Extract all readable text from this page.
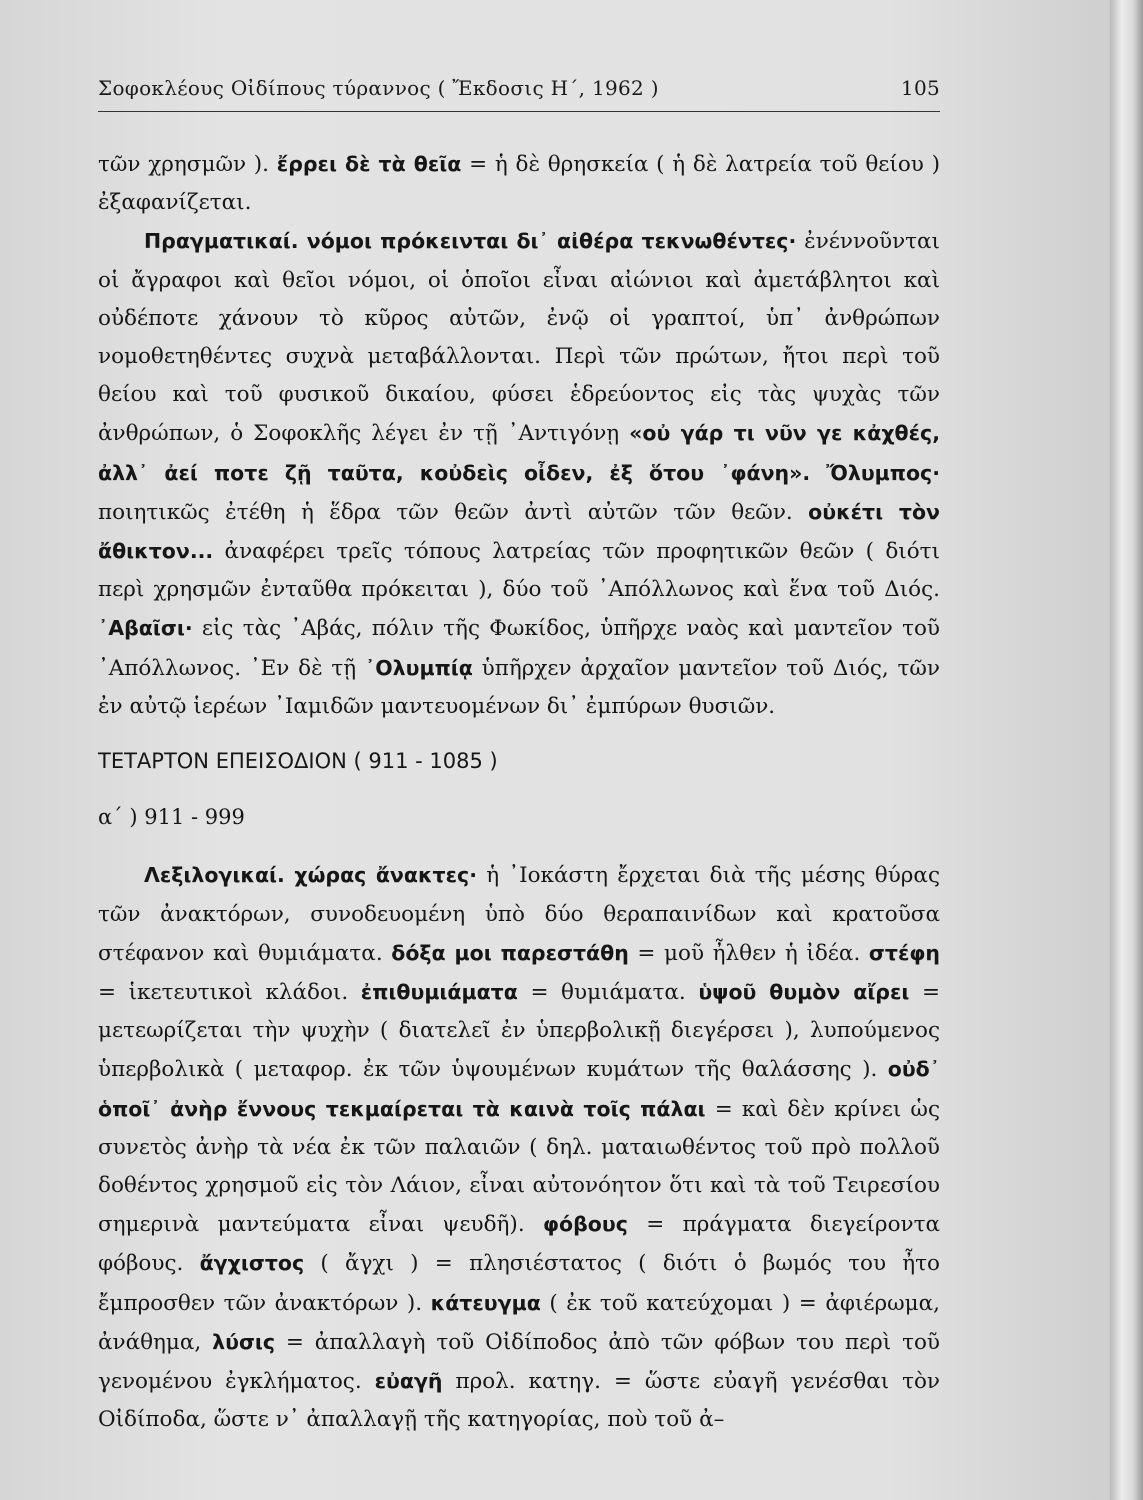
Σοφοκλέους Οἰδίπους τύραννος ( Ἔκδοσις Η΄, 1962 )	105

τῶν χρησμῶν ). ἔρρει δὲ τὰ θεῖα = ἡ δὲ θρησκεία ( ἡ δὲ λατρεία τοῦ θείου ) ἐξαφανίζεται.

Πραγματικαί. νόμοι πρόκεινται δι᾽ αἰθέρα τεκνωθέντες· ἐνέννοῦνται οἱ ἄγραφοι καὶ θεῖοι νόμοι, οἱ ὁποῖοι εἶναι αἰώνιοι καὶ ἀμετάβλητοι καὶ οὐδέποτε χάνουν τὸ κῦρος αὐτῶν, ἐνῷ οἱ γραπτοί, ὑπ᾽ ἀνθρώπων νομοθετηθέντες συχνὰ μεταβάλλονται. Περὶ τῶν πρώτων, ἤτοι περὶ τοῦ θείου καὶ τοῦ φυσικοῦ δικαίου, φύσει ἑδρεύοντος εἰς τὰς ψυχὰς τῶν ἀνθρώπων, ὁ Σοφοκλῆς λέγει ἐν τῇ ᾽Αντιγόνῃ «οὐ γάρ τι νῦν γε κἀχθές, ἀλλ᾽ ἀεί ποτε ζῇ ταῦτα, κοὐδεὶς οἶδεν, ἐξ ὅτου ᾽φάνη». Ὄλυμπος· ποιητικῶς ἐτέθη ἡ ἕδρα τῶν θεῶν ἀντὶ αὐτῶν τῶν θεῶν. οὐκέτι τὸν ἄθικτον... ἀναφέρει τρεῖς τόπους λατρείας τῶν προφητικῶν θεῶν ( διότι περὶ χρησμῶν ἐνταῦθα πρόκειται ), δύο τοῦ ᾽Απόλλωνος καὶ ἕνα τοῦ Διός. ᾽Αβαῖσι· εἰς τὰς ᾽Αβάς, πόλιν τῆς Φωκίδος, ὑπῆρχε ναὸς καὶ μαντεῖον τοῦ ᾽Απόλλωνος. ᾽Εν δὲ τῇ ᾽Ολυμπίᾳ ὑπῆρχεν ἀρχαῖον μαντεῖον τοῦ Διός, τῶν ἐν αὐτῷ ἱερέων ᾽Ιαμιδῶν μαντευομένων δι᾽ ἐμπύρων θυσιῶν.

ΤΕΤΑΡΤΟΝ ΕΠΕΙΣΟΔΙΟΝ ( 911 - 1085 )

α΄ ) 911 - 999

Λεξιλογικαί. χώρας ἄνακτες· ἡ ᾽Ιοκάστη ἔρχεται διὰ τῆς μέσης θύρας τῶν ἀνακτόρων, συνοδευομένη ὑπὸ δύο θεραπαινίδων καὶ κρατοῦσα στέφανον καὶ θυμιάματα. δόξα μοι παρεστάθη = μοῦ ἦλθεν ἡ ἰδέα. στέφη = ἱκετευτικοὶ κλάδοι. ἐπιθυμιάματα = θυμιάματα. ὑψοῦ θυμὸν αἴρει = μετεωρίζεται τὴν ψυχὴν ( διατελεῖ ἐν ὑπερβολικῇ διεγέρσει ), λυπούμενος ὑπερβολικὰ ( μεταφορ. ἐκ τῶν ὑψουμένων κυμάτων τῆς θαλάσσης ). οὐδ᾽ ὁποῖ᾽ ἀνὴρ ἔννους τεκμαίρεται τὰ καινὰ τοῖς πάλαι = καὶ δὲν κρίνει ὡς συνετὸς ἀνὴρ τὰ νέα ἐκ τῶν παλαιῶν ( δηλ. ματαιωθέντος τοῦ πρὸ πολλοῦ δοθέντος χρησμοῦ εἰς τὸν Λάιον, εἶναι αὐτονόητον ὅτι καὶ τὰ τοῦ Τειρεσίου σημερινὰ μαντεύματα εἶναι ψευδῆ). φόβους = πράγματα διεγείροντα φόβους. ἄγχιστος ( ἄγχι ) = πλησιέστατος ( διότι ὁ βωμός του ἦτο ἔμπροσθεν τῶν ἀνακτόρων ). κάτευγμα ( ἐκ τοῦ κατεύχομαι ) = ἀφιέρωμα, ἀνάθημα, λύσις = ἀπαλλαγὴ τοῦ Οἰδίποδος ἀπὸ τῶν φόβων του περὶ τοῦ γενομένου ἐγκλήματος. εὐαγῆ προλ. κατηγ. = ὥστε εὐαγῆ γενέσθαι τὸν Οἰδίποδα, ὥστε ν᾽ ἀπαλλαγῇ τῆς κατηγορίας, ποὺ τοῦ ἀ–
